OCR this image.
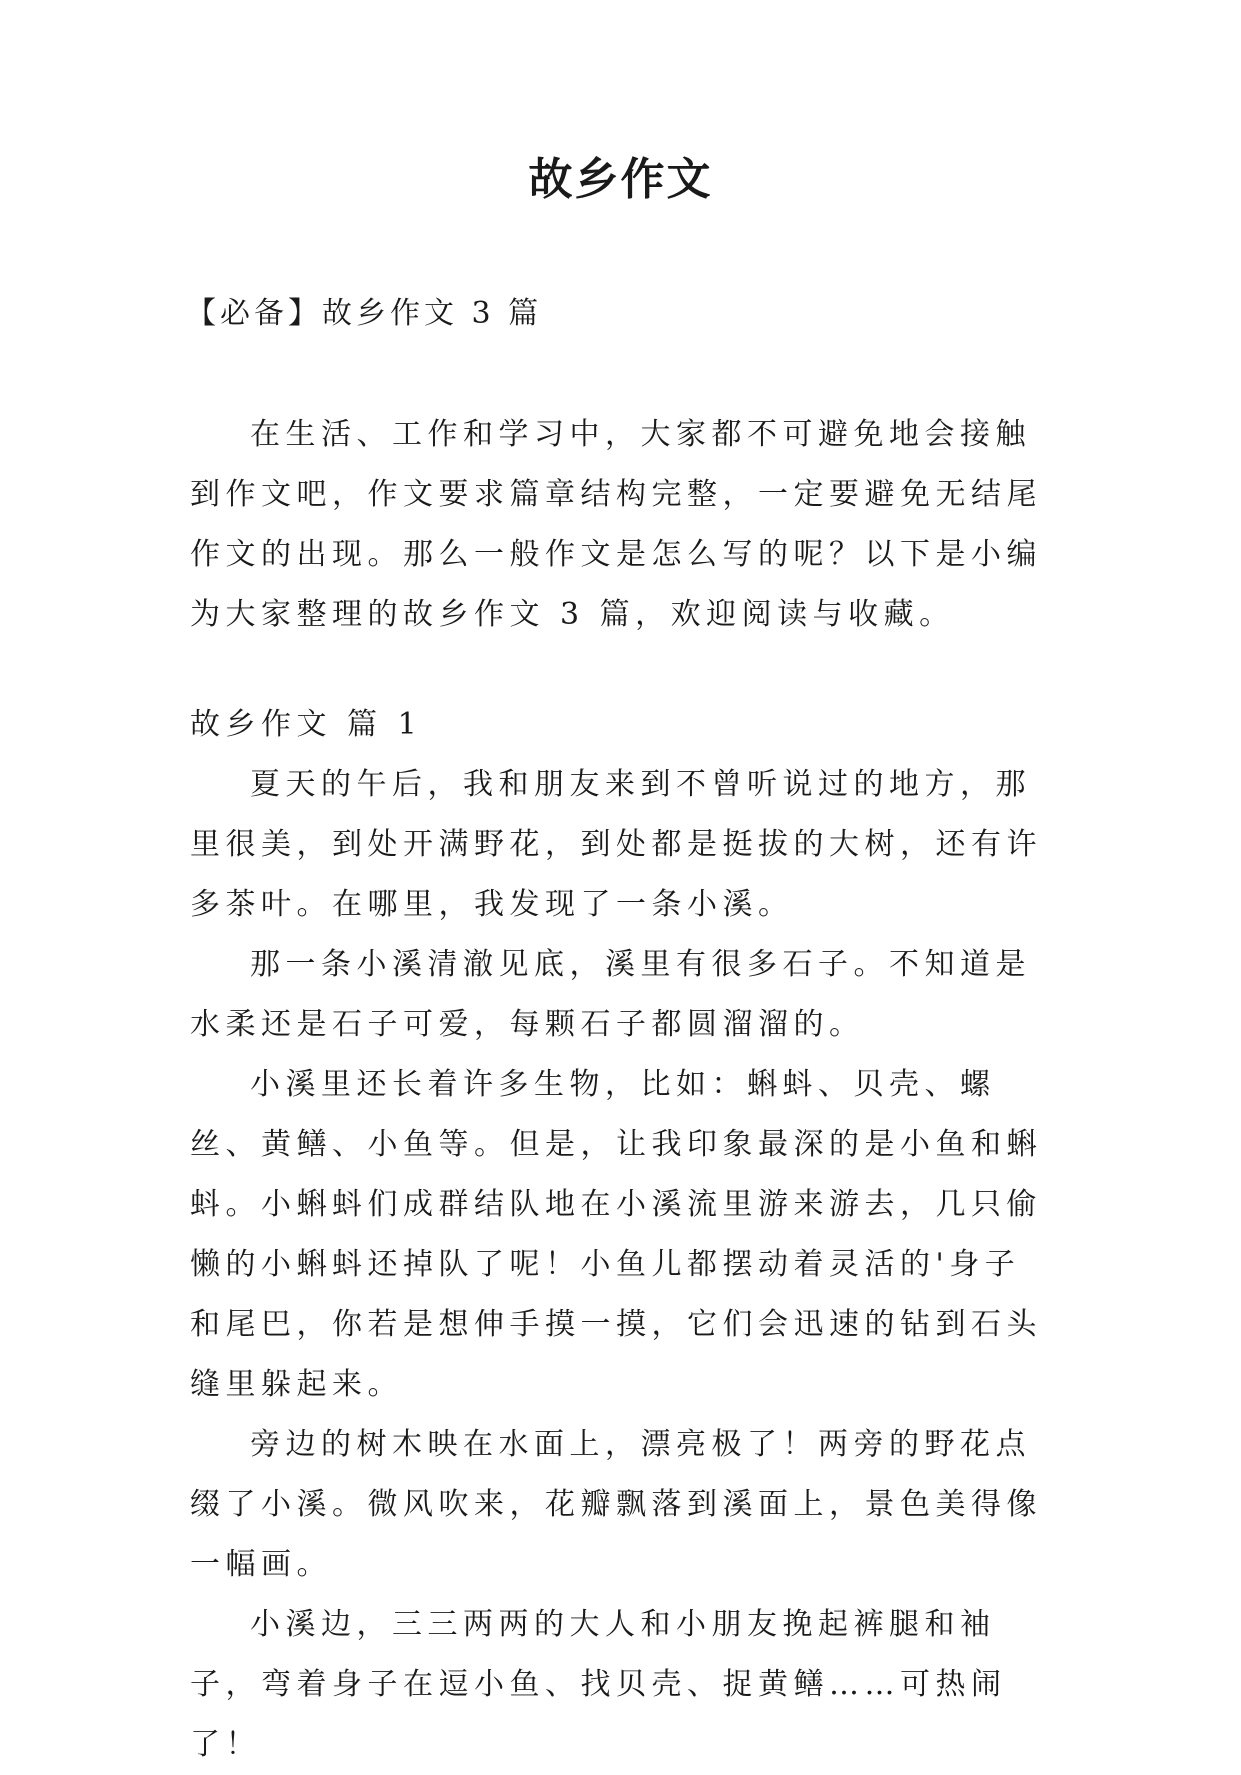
故乡作文
【必备】故乡作文 3 篇

在生活、工作和学习中，大家都不可避免地会接触到作文吧，作文要求篇章结构完整，一定要避免无结尾作文的出现。那么一般作文是怎么写的呢？以下是小编为大家整理的故乡作文 3 篇，欢迎阅读与收藏。

故乡作文 篇 1

夏天的午后，我和朋友来到不曾听说过的地方，那里很美，到处开满野花，到处都是挺拔的大树，还有许多茶叶。在哪里，我发现了一条小溪。

那一条小溪清澈见底，溪里有很多石子。不知道是水柔还是石子可爱，每颗石子都圆溜溜的。

小溪里还长着许多生物，比如：蝌蚪、贝壳、螺丝、黄鳝、小鱼等。但是，让我印象最深的是小鱼和蝌蚪。小蝌蚪们成群结队地在小溪流里游来游去，几只偷懒的小蝌蚪还掉队了呢！小鱼儿都摆动着灵活的'身子和尾巴，你若是想伸手摸一摸，它们会迅速的钻到石头缝里躲起来。

旁边的树木映在水面上，漂亮极了！两旁的野花点缀了小溪。微风吹来，花瓣飘落到溪面上，景色美得像一幅画。

小溪边，三三两两的大人和小朋友挽起裤腿和袖子，弯着身子在逗小鱼、找贝壳、捉黄鳝……可热闹了！
